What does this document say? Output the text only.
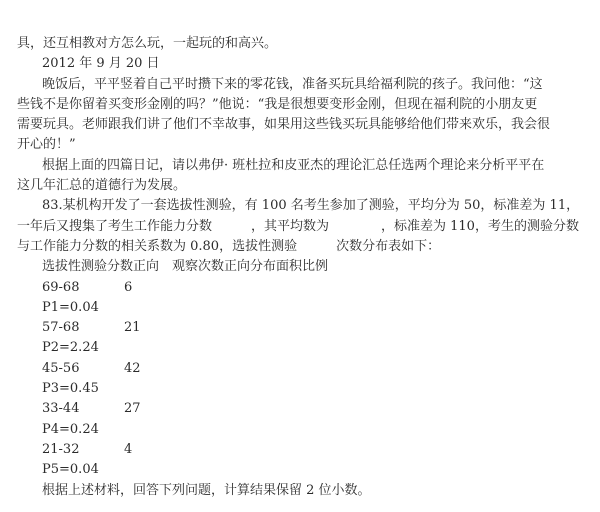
具，还互相教对方怎么玩，一起玩的和高兴。
2012 年 9 月 20 日
晚饭后，平平竖着自己平时攒下来的零花钱，准备买玩具给福利院的孩子。我问他：“这
些钱不是你留着买变形金刚的吗？”他说：“我是很想要变形金刚，但现在福利院的小朋友更
需要玩具。老师跟我们讲了他们不幸故事，如果用这些钱买玩具能够给他们带来欢乐，我会很
开心的！”
根据上面的四篇日记，请以弗伊· 班杜拉和皮亚杰的理论汇总任选两个理论来分析平平在
这几年汇总的道德行为发展。
83.某机构开发了一套选拔性测验，有 100 名考生参加了测验，平均分为 50，标准差为 11，
一年后又搜集了考生工作能力分数　　　，其平均数为　　　　，标准差为 110，考生的测验分数
与工作能力分数的相关系数为 0.80，选拔性测验　　　次数分布表如下：
选拔性测验分数正向　观察次数正向分布面积比例
69-68	6
P1=0.04
57-68	21
P2=2.24
45-56	42
P3=0.45
33-44	27
P4=0.24
21-32	4
P5=0.04
根据上述材料，回答下列问题，计算结果保留 2 位小数。
